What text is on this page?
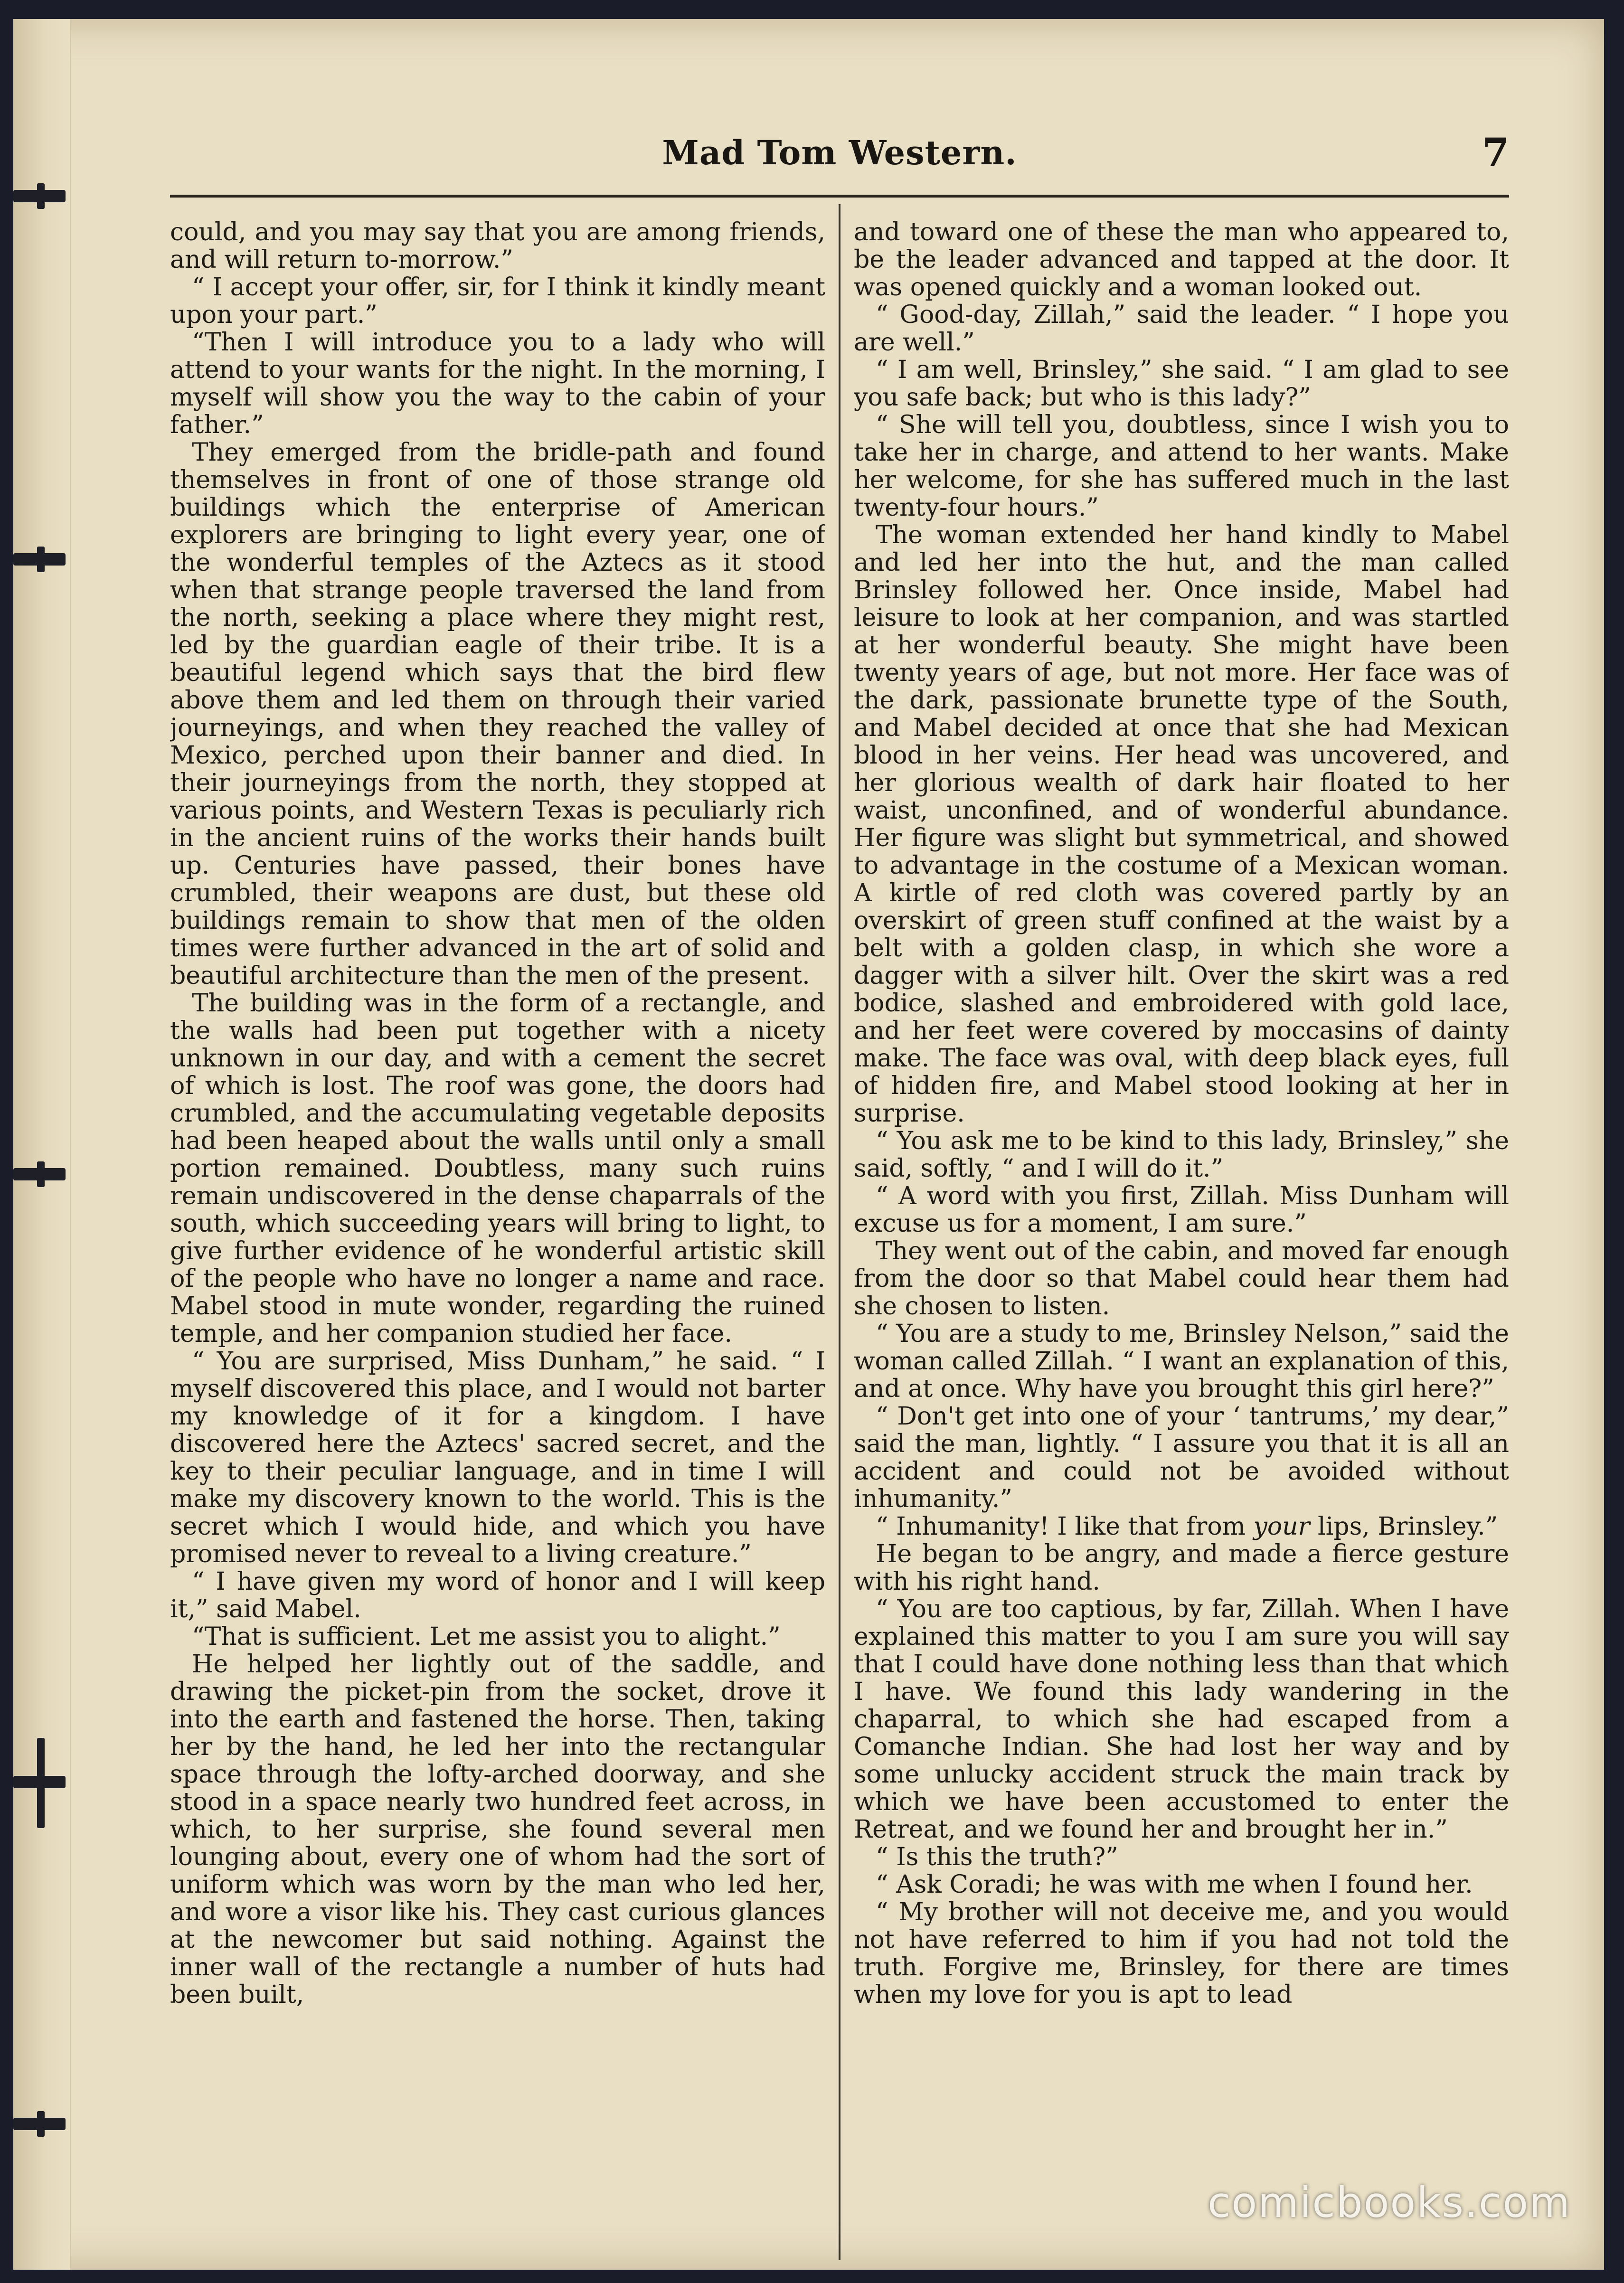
Mad Tom Western.	7

could, and you may say that you are among friends, and will return to-morrow.”

“ I accept your offer, sir, for I think it kindly meant upon your part.”

“Then I will introduce you to a lady who will attend to your wants for the night. In the morning, I myself will show you the way to the cabin of your father.”

They emerged from the bridle-path and found themselves in front of one of those strange old buildings which the enterprise of American explorers are bringing to light every year, one of the wonderful temples of the Aztecs as it stood when that strange people traversed the land from the north, seeking a place where they might rest, led by the guardian eagle of their tribe. It is a beautiful legend which says that the bird flew above them and led them on through their varied journeyings, and when they reached the valley of Mexico, perched upon their banner and died. In their journeyings from the north, they stopped at various points, and Western Texas is peculiarly rich in the ancient ruins of the works their hands built up. Centuries have passed, their bones have crumbled, their weapons are dust, but these old buildings remain to show that men of the olden times were further advanced in the art of solid and beautiful architecture than the men of the present.

The building was in the form of a rectangle, and the walls had been put together with a nicety unknown in our day, and with a cement the secret of which is lost. The roof was gone, the doors had crumbled, and the accumulating vegetable deposits had been heaped about the walls until only a small portion remained. Doubtless, many such ruins remain undiscovered in the dense chaparrals of the south, which succeeding years will bring to light, to give further evidence of he wonderful artistic skill of the people who have no longer a name and race. Mabel stood in mute wonder, regarding the ruined temple, and her companion studied her face.

“ You are surprised, Miss Dunham,” he said. “ I myself discovered this place, and I would not barter my knowledge of it for a kingdom. I have discovered here the Aztecs' sacred secret, and the key to their peculiar language, and in time I will make my discovery known to the world. This is the secret which I would hide, and which you have promised never to reveal to a living creature.”

“ I have given my word of honor and I will keep it,” said Mabel.

“That is sufficient. Let me assist you to alight.”

He helped her lightly out of the saddle, and drawing the picket-pin from the socket, drove it into the earth and fastened the horse. Then, taking her by the hand, he led her into the rectangular space through the lofty-arched doorway, and she stood in a space nearly two hundred feet across, in which, to her surprise, she found several men lounging about, every one of whom had the sort of uniform which was worn by the man who led her, and wore a visor like his. They cast curious glances at the newcomer but said nothing. Against the inner wall of the rectangle a number of huts had been built,

and toward one of these the man who appeared to, be the leader advanced and tapped at the door. It was opened quickly and a woman looked out.

“ Good-day, Zillah,” said the leader. “ I hope you are well.”

“ I am well, Brinsley,” she said. “ I am glad to see you safe back; but who is this lady?”

“ She will tell you, doubtless, since I wish you to take her in charge, and attend to her wants. Make her welcome, for she has suffered much in the last twenty-four hours.”

The woman extended her hand kindly to Mabel and led her into the hut, and the man called Brinsley followed her. Once inside, Mabel had leisure to look at her companion, and was startled at her wonderful beauty. She might have been twenty years of age, but not more. Her face was of the dark, passionate brunette type of the South, and Mabel decided at once that she had Mexican blood in her veins. Her head was uncovered, and her glorious wealth of dark hair floated to her waist, unconfined, and of wonderful abundance. Her figure was slight but symmetrical, and showed to advantage in the costume of a Mexican woman. A kirtle of red cloth was covered partly by an overskirt of green stuff confined at the waist by a belt with a golden clasp, in which she wore a dagger with a silver hilt. Over the skirt was a red bodice, slashed and embroidered with gold lace, and her feet were covered by moccasins of dainty make. The face was oval, with deep black eyes, full of hidden fire, and Mabel stood looking at her in surprise.

“ You ask me to be kind to this lady, Brinsley,” she said, softly, “ and I will do it.”

“ A word with you first, Zillah. Miss Dunham will excuse us for a moment, I am sure.”

They went out of the cabin, and moved far enough from the door so that Mabel could hear them had she chosen to listen.

“ You are a study to me, Brinsley Nelson,” said the woman called Zillah. “ I want an explanation of this, and at once. Why have you brought this girl here?”

“ Don't get into one of your ‘ tantrums,’ my dear,” said the man, lightly. “ I assure you that it is all an accident and could not be avoided without inhumanity.”

“ Inhumanity! I like that from your lips, Brinsley.”

He began to be angry, and made a fierce gesture with his right hand.

“ You are too captious, by far, Zillah. When I have explained this matter to you I am sure you will say that I could have done nothing less than that which I have. We found this lady wandering in the chaparral, to which she had escaped from a Comanche Indian. She had lost her way and by some unlucky accident struck the main track by which we have been accustomed to enter the Retreat, and we found her and brought her in.”

“ Is this the truth?”

“ Ask Coradi; he was with me when I found her.

“ My brother will not deceive me, and you would not have referred to him if you had not told the truth. Forgive me, Brinsley, for there are times when my love for you is apt to lead

comicbooks.com
